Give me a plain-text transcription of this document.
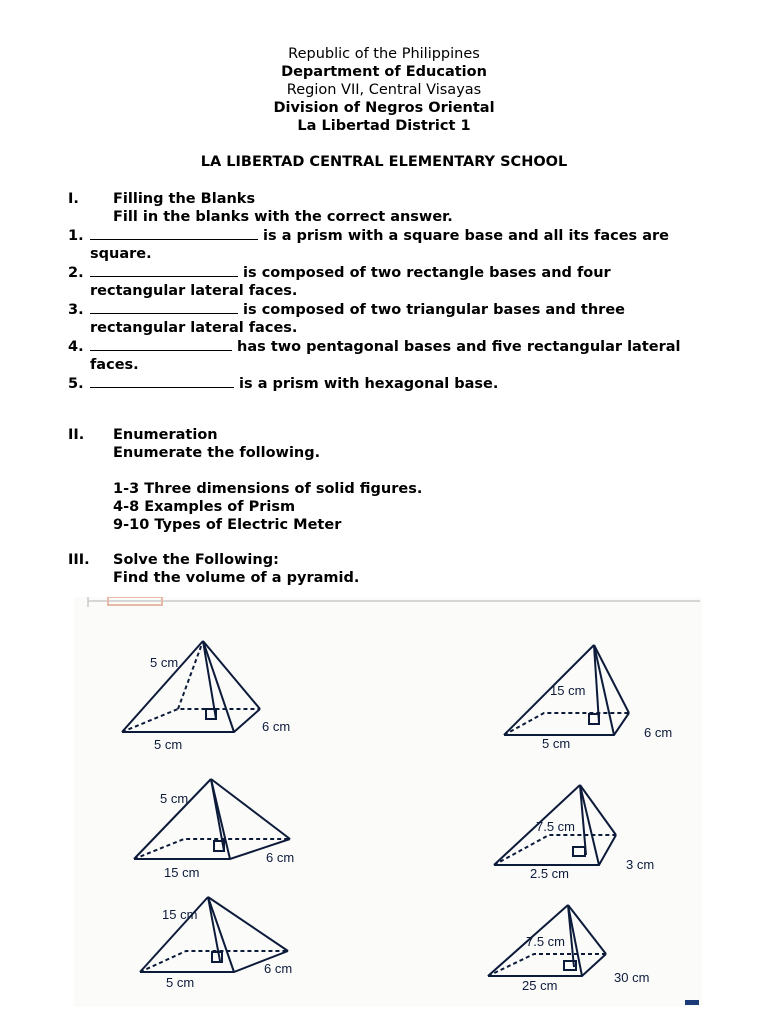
Republic of the Philippines
Department of Education
Region VII, Central Visayas
Division of Negros Oriental
La Libertad District 1
LA LIBERTAD CENTRAL ELEMENTARY SCHOOL
I. Filling the Blanks
Fill in the blanks with the correct answer.
1.	is a prism with a square base and all its faces are
square.
2.	is composed of two rectangle bases and four
rectangular lateral faces.
3.	is composed of two triangular bases and three
rectangular lateral faces.
4.	has two pentagonal bases and five rectangular lateral
faces.
5.	is a prism with hexagonal base.
II. Enumeration
Enumerate the following.
1-3 Three dimensions of solid figures.
4-8 Examples of Prism
9-10 Types of Electric Meter
III. Solve the Following:
Find the volume of a pyramid.
5 cm
5 cm
6 cm
15 cm
5 cm
6 cm
5 cm
15 cm
6 cm
7.5 cm
2.5 cm
3 cm
15 cm
5 cm
6 cm
7.5 cm
25 cm
30 cm
